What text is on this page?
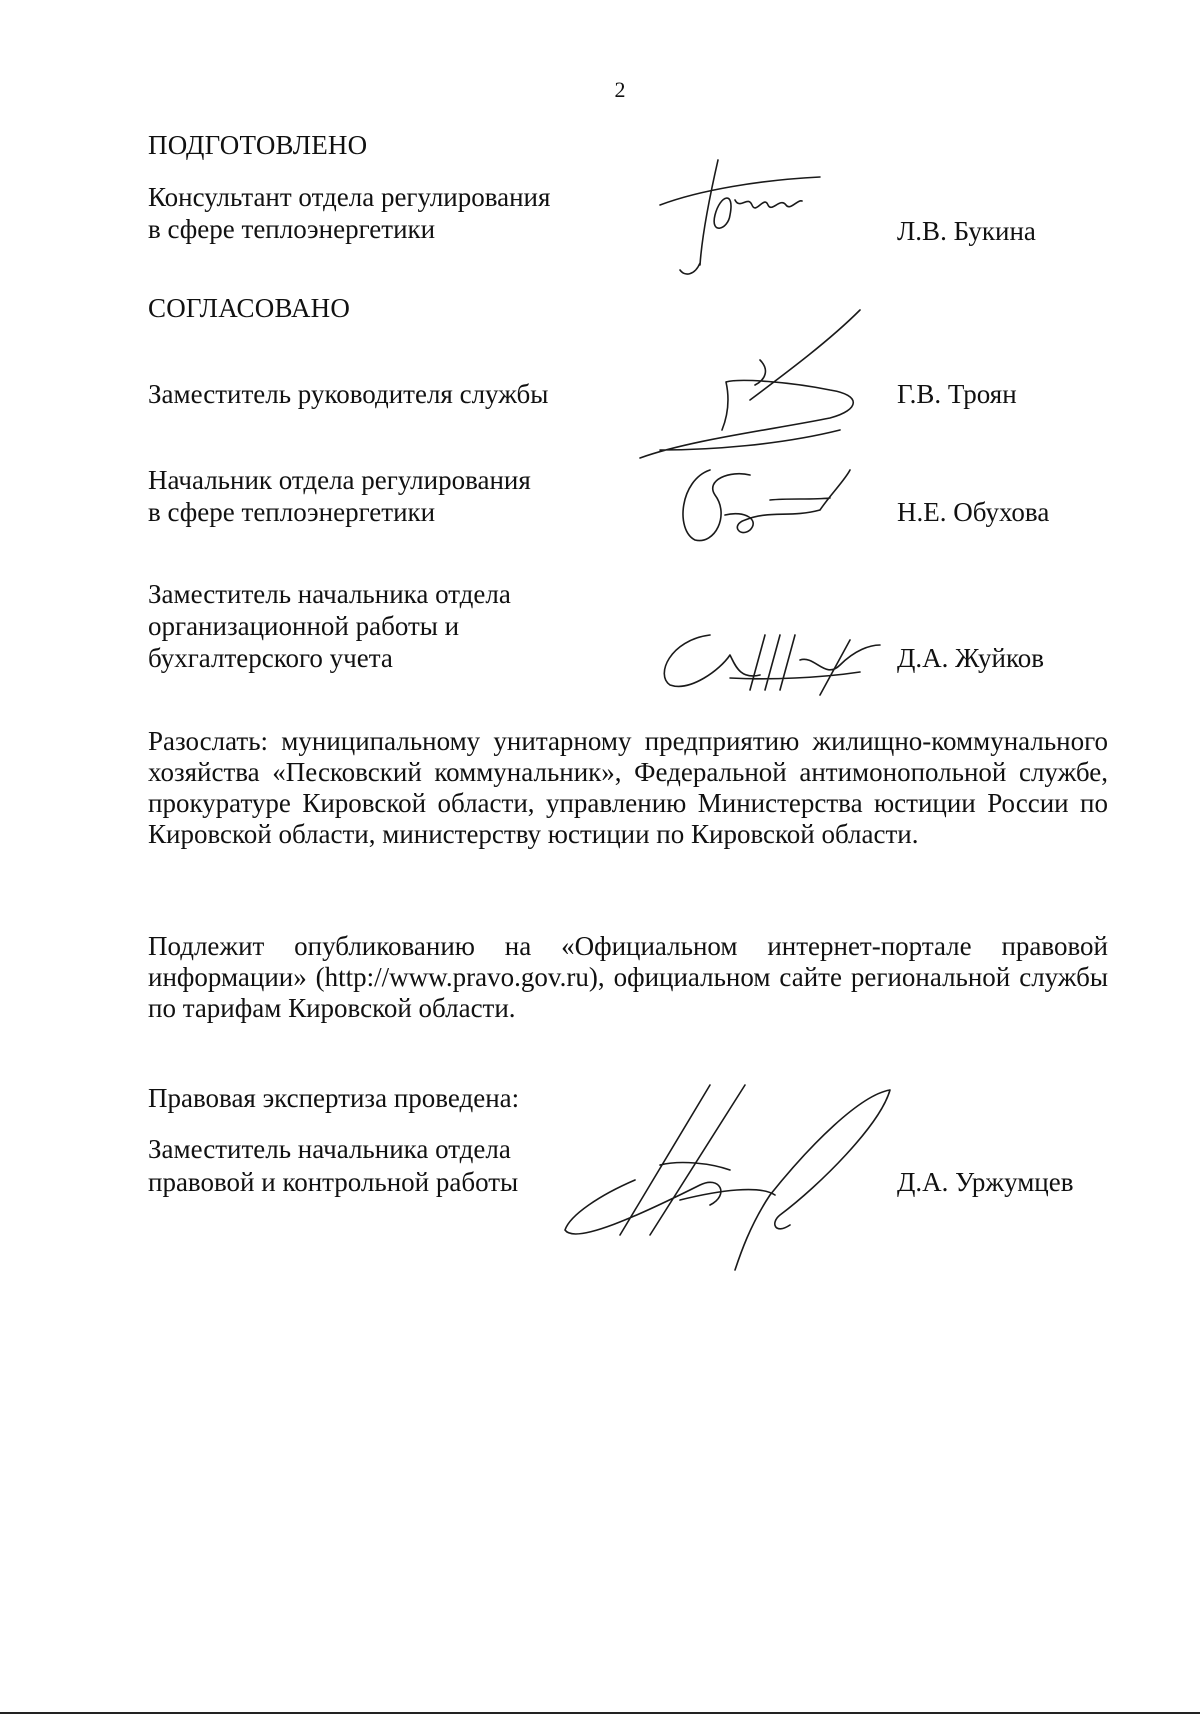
2
ПОДГОТОВЛЕНО
Консультант отдела регулирования
в сфере теплоэнергетики	Л.В. Букина
СОГЛАСОВАНО
Заместитель руководителя службы	Г.В. Троян
Начальник отдела регулирования
в сфере теплоэнергетики	Н.Е. Обухова
Заместитель начальника отдела
организационной работы и
бухгалтерского учета	Д.А. Жуйков
Разослать: муниципальному унитарному предприятию жилищно-коммунального хозяйства «Песковский коммунальник», Федеральной антимонопольной службе, прокуратуре Кировской области, управлению Министерства юстиции России по Кировской области, министерству юстиции по Кировской области.
Подлежит опубликованию на «Официальном интернет-портале правовой информации» (http://www.pravo.gov.ru), официальном сайте региональной службы по тарифам Кировской области.
Правовая экспертиза проведена:
Заместитель начальника отдела
правовой и контрольной работы	Д.А. Уржумцев
